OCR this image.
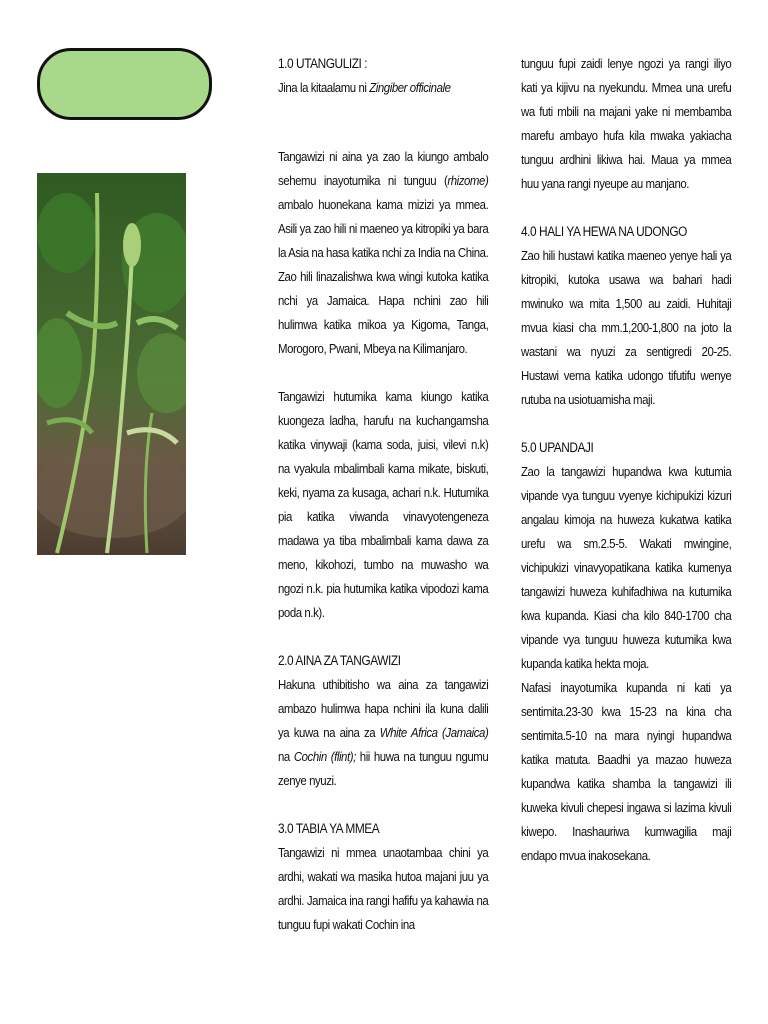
1.0 UTANGULIZI :

Jina la kitaalamu ni Zingiber officinale

Tangawizi ni aina ya zao la kiungo ambalo sehemu inayotumika ni tunguu (rhizome) ambalo huonekana kama mizizi ya mmea. Asili ya zao hili ni maeneo ya kitropiki ya bara la Asia na hasa katika nchi za India na China. Zao hili linazalishwa kwa wingi kutoka katika nchi ya Jamaica. Hapa nchini zao hili hulimwa katika mikoa ya Kigoma, Tanga, Morogoro, Pwani, Mbeya na Kilimanjaro.

Tangawizi hutumika kama kiungo katika kuongeza ladha, harufu na kuchangamsha katika vinywaji (kama soda, juisi, vilevi n.k) na vyakula mbalimbali kama mikate, biskuti, keki, nyama za kusaga, achari n.k. Hutumika pia katika viwanda vinavyotengeneza madawa ya tiba mbalimbali kama dawa za meno, kikohozi, tumbo na muwasho wa ngozi n.k. pia hutumika katika vipodozi kama poda n.k).

2.0 AINA ZA TANGAWIZI

Hakuna uthibitisho wa aina za tangawizi ambazo hulimwa hapa nchini ila kuna dalili ya kuwa na aina za White Africa (Jamaica) na Cochin (flint); hii huwa na tunguu ngumu zenye nyuzi.

3.0 TABIA YA MMEA

Tangawizi ni mmea unaotambaa chini ya ardhi, wakati wa masika hutoa majani juu ya ardhi. Jamaica ina rangi hafifu ya kahawia na tunguu fupi wakati Cochin ina

tunguu fupi zaidi lenye ngozi ya rangi iliyo kati ya kijivu na nyekundu. Mmea una urefu wa futi mbili na majani yake ni membamba marefu ambayo hufa kila mwaka yakiacha tunguu ardhini likiwa hai. Maua ya mmea huu yana rangi nyeupe au manjano.

4.0 HALI YA HEWA NA UDONGO

Zao hili hustawi katika maeneo yenye hali ya kitropiki, kutoka usawa wa bahari hadi mwinuko wa mita 1,500 au zaidi. Huhitaji mvua kiasi cha mm.1,200-1,800 na joto la wastani wa nyuzi za sentigredi 20-25. Hustawi vema katika udongo tifutifu wenye rutuba na usiotuamisha maji.

5.0 UPANDAJI

Zao la tangawizi hupandwa kwa kutumia vipande vya tunguu vyenye kichipukizi kizuri angalau kimoja na huweza kukatwa katika urefu wa sm.2.5-5. Wakati mwingine, vichipukizi vinavyopatikana katika kumenya tangawizi huweza kuhifadhiwa na kutumika kwa kupanda. Kiasi cha kilo 840-1700 cha vipande vya tunguu huweza kutumika kwa kupanda katika hekta moja.

Nafasi inayotumika kupanda ni kati ya sentimita.23-30 kwa 15-23 na kina cha sentimita.5-10 na mara nyingi hupandwa katika matuta. Baadhi ya mazao huweza kupandwa katika shamba la tangawizi ili kuweka kivuli chepesi ingawa si lazima kivuli kiwepo. Inashauriwa kumwagilia maji endapo mvua inakosekana.
